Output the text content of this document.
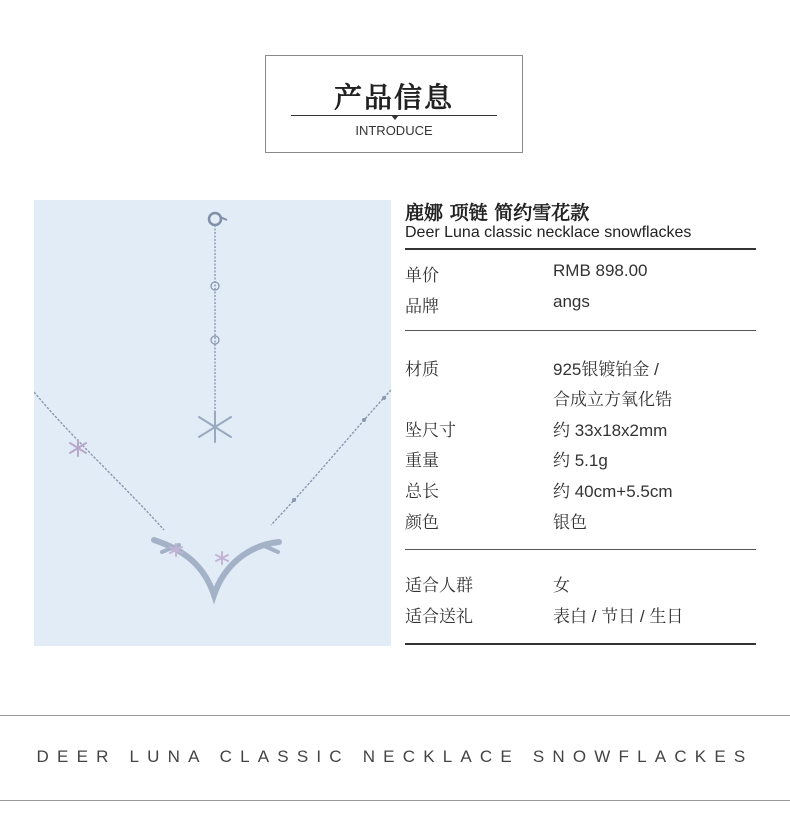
产品信息
INTRODUCE
鹿娜 项链 简约雪花款
Deer Luna classic necklace snowflackes
单价	RMB 898.00
品牌	angs
材质	925银镀铂金 /
合成立方氧化锆
坠尺寸	约 33x18x2mm
重量	约 5.1g
总长	约 40cm+5.5cm
颜色	银色
适合人群	女
适合送礼	表白 / 节日 / 生日
DEER LUNA CLASSIC NECKLACE SNOWFLACKES
